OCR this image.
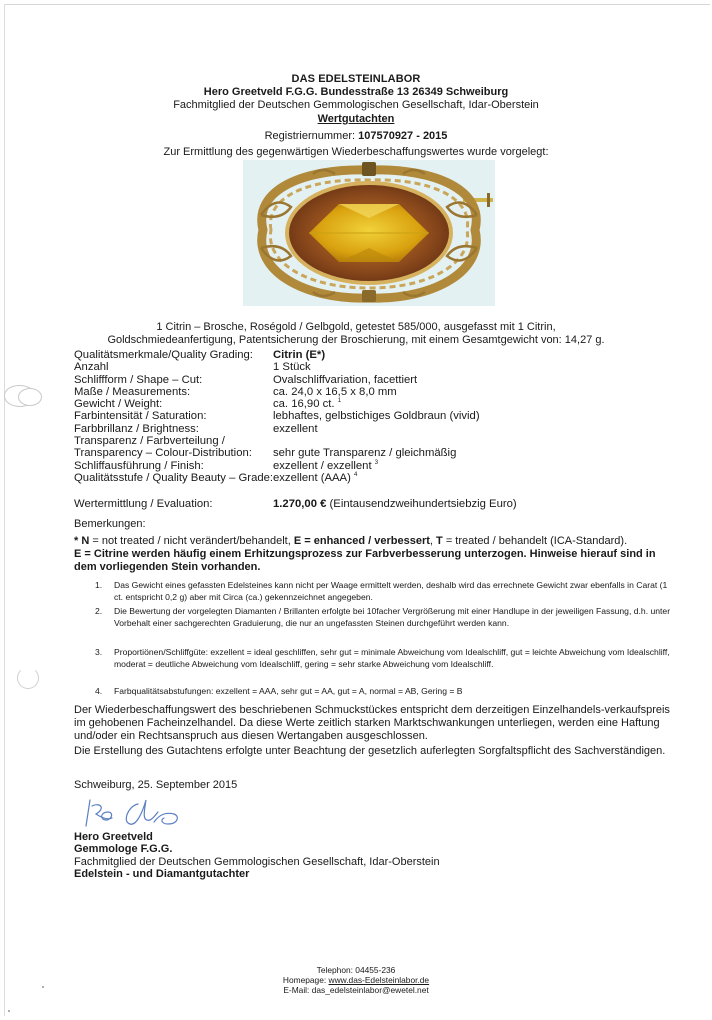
DAS EDELSTEINLABOR
Hero Greetveld F.G.G. Bundesstraße 13 26349 Schweiburg
Fachmitglied der Deutschen Gemmologischen Gesellschaft, Idar-Oberstein
Wertgutachten
Registriernummer: 107570927 - 2015
Zur Ermittlung des gegenwärtigen Wiederbeschaffungswertes wurde vorgelegt:
1 Citrin – Brosche, Roségold / Gelbgold, getestet 585/000, ausgefasst mit 1 Citrin,
Goldschmiedeanfertigung, Patentsicherung der Broschierung, mit einem Gesamtgewicht von: 14,27 g.
Qualitätsmerkmale/Quality Grading:	Citrin (E*)
Anzahl	1 Stück
Schliffform / Shape – Cut:	Ovalschliffvariation, facettiert
Maße / Measurements:	ca. 24,0 x 16,5 x 8,0 mm
Gewicht / Weight:	ca. 16,90 ct. $^1$
Farbintensität / Saturation:	lebhaftes, gelbstichiges Goldbraun (vivid)
Farbbrillanz / Brightness:	exzellent
Transparenz / Farbverteilung /
Transparency – Colour-Distribution:	sehr gute Transparenz / gleichmäßig
Schliffausführung / Finish:	exzellent / exzellent $^3$
Qualitätsstufe / Quality Beauty – Grade: exzellent (AAA) $^4$
Wertermittlung / Evaluation:	1.270,00 € (Eintausendzweihundertsiebzig Euro)
Bemerkungen:
* N = not treated / nicht verändert/behandelt, E = enhanced / verbessert, T = treated / behandelt (ICA-Standard).
E = Citrine werden häufig einem Erhitzungsprozess zur Farbverbesserung unterzogen. Hinweise hierauf sind in dem vorliegenden Stein vorhanden.
1.	Das Gewicht eines gefassten Edelsteines kann nicht per Waage ermittelt werden, deshalb wird das errechnete Gewicht zwar ebenfalls in Carat (1 ct. entspricht 0,2 g) aber mit Circa (ca.) gekennzeichnet angegeben.
2.	Die Bewertung der vorgelegten Diamanten / Brillanten erfolgte bei 10facher Vergrößerung mit einer Handlupe in der jeweiligen Fassung, d.h. unter Vorbehalt einer sachgerechten Graduierung, die nur an ungefassten Steinen durchgeführt werden kann.
3.	Proportiönen/Schliffgüte: exzellent = ideal geschliffen, sehr gut = minimale Abweichung vom Idealschliff, gut = leichte Abweichung vom Idealschliff, moderat = deutliche Abweichung vom Idealschliff, gering = sehr starke Abweichung vom Idealschliff.
4.	Farbqualitätsabstufungen: exzellent = AAA, sehr gut = AA, gut = A, normal = AB, Gering = B
Der Wiederbeschaffungswert des beschriebenen Schmuckstückes entspricht dem derzeitigen Einzelhandels-verkaufspreis im gehobenen Facheinzelhandel. Da diese Werte zeitlich starken Marktschwankungen unterliegen, werden eine Haftung und/oder ein Rechtsanspruch aus diesen Wertangaben ausgeschlossen.
Die Erstellung des Gutachtens erfolgte unter Beachtung der gesetzlich auferlegten Sorgfaltspflicht des Sachverständigen.
Schweiburg, 25. September 2015
Hero Greetveld
Gemmologe F.G.G.
Fachmitglied der Deutschen Gemmologischen Gesellschaft, Idar-Oberstein
Edelstein - und Diamantgutachter
Telephon: 04455-236
Homepage: www.das-Edelsteinlabor.de
E-Mail: das_edelsteinlabor@ewetel.net
